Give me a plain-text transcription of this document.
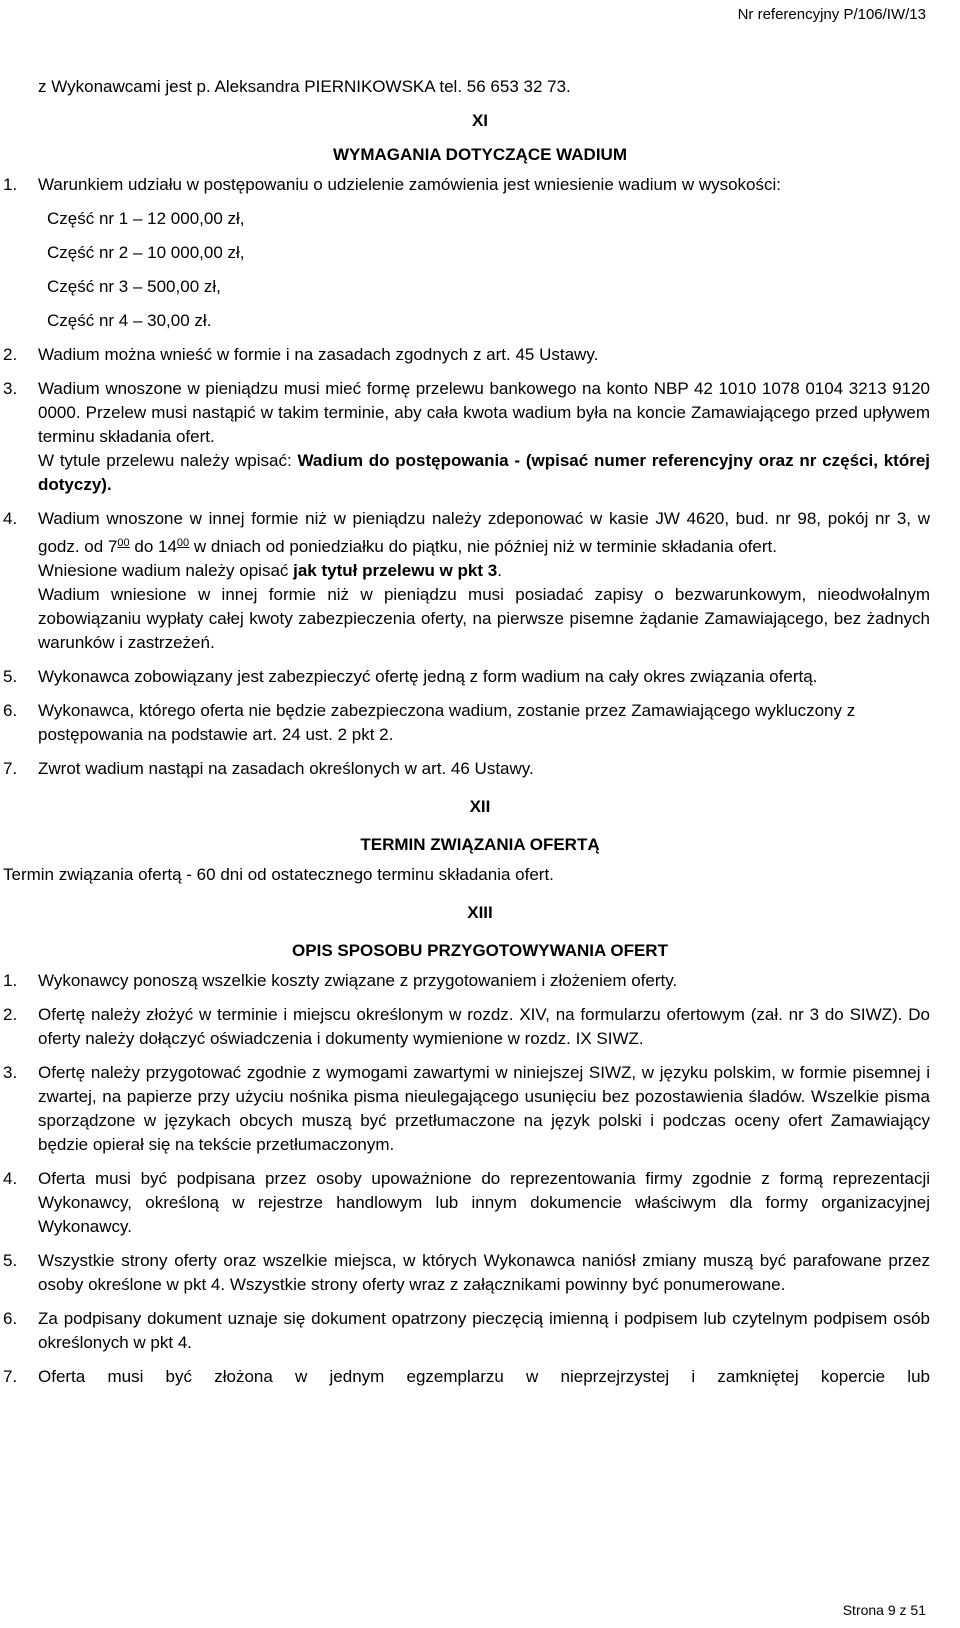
Nr referencyjny P/106/IW/13

z Wykonawcami jest p. Aleksandra PIERNIKOWSKA tel. 56 653 32 73.

XI

WYMAGANIA DOTYCZĄCE WADIUM

1. Warunkiem udziału w postępowaniu o udzielenie zamówienia jest wniesienie wadium w wysokości:

Część nr 1 – 12 000,00 zł,

Część nr 2 – 10 000,00 zł,

Część nr 3 – 500,00 zł,

Część nr 4 – 30,00 zł.

2. Wadium można wnieść w formie i na zasadach zgodnych z art. 45 Ustawy.

3. Wadium wnoszone w pieniądzu musi mieć formę przelewu bankowego na konto NBP 42 1010 1078 0104 3213 9120 0000. Przelew musi nastąpić w takim terminie, aby cała kwota wadium była na koncie Zamawiającego przed upływem terminu składania ofert.

W tytule przelewu należy wpisać: Wadium do postępowania - (wpisać numer referencyjny oraz nr części, której dotyczy).

4. Wadium wnoszone w innej formie niż w pieniądzu należy zdeponować w kasie JW 4620, bud. nr 98, pokój nr 3, w godz. od $7^{00}$ do $14^{00}$ w dniach od poniedziałku do piątku, nie później niż w terminie składania ofert.

Wniesione wadium należy opisać jak tytuł przelewu w pkt 3.

Wadium wniesione w innej formie niż w pieniądzu musi posiadać zapisy o bezwarunkowym, nieodwołalnym zobowiązaniu wypłaty całej kwoty zabezpieczenia oferty, na pierwsze pisemne żądanie Zamawiającego, bez żadnych warunków i zastrzeżeń.

5. Wykonawca zobowiązany jest zabezpieczyć ofertę jedną z form wadium na cały okres związania ofertą.

6. Wykonawca, którego oferta nie będzie zabezpieczona wadium, zostanie przez Zamawiającego wykluczony z postępowania na podstawie art. 24 ust. 2 pkt 2.

7. Zwrot wadium nastąpi na zasadach określonych w art. 46 Ustawy.

XII

TERMIN ZWIĄZANIA OFERTĄ

Termin związania ofertą - 60 dni od ostatecznego terminu składania ofert.

XIII

OPIS SPOSOBU PRZYGOTOWYWANIA OFERT

1. Wykonawcy ponoszą wszelkie koszty związane z przygotowaniem i złożeniem oferty.

2. Ofertę należy złożyć w terminie i miejscu określonym w rozdz. XIV, na formularzu ofertowym (zał. nr 3 do SIWZ). Do oferty należy dołączyć oświadczenia i dokumenty wymienione w rozdz. IX SIWZ.

3. Ofertę należy przygotować zgodnie z wymogami zawartymi w niniejszej SIWZ, w języku polskim, w formie pisemnej i zwartej, na papierze przy użyciu nośnika pisma nieulegającego usunięciu bez pozostawienia śladów. Wszelkie pisma sporządzone w językach obcych muszą być przetłumaczone na język polski i podczas oceny ofert Zamawiający będzie opierał się na tekście przetłumaczonym.

4. Oferta musi być podpisana przez osoby upoważnione do reprezentowania firmy zgodnie z formą reprezentacji Wykonawcy, określoną w rejestrze handlowym lub innym dokumencie właściwym dla formy organizacyjnej Wykonawcy.

5. Wszystkie strony oferty oraz wszelkie miejsca, w których Wykonawca naniósł zmiany muszą być parafowane przez osoby określone w pkt 4. Wszystkie strony oferty wraz z załącznikami powinny być ponumerowane.

6. Za podpisany dokument uznaje się dokument opatrzony pieczęcią imienną i podpisem lub czytelnym podpisem osób określonych w pkt 4.

7. Oferta musi być złożona w jednym egzemplarzu w nieprzejrzystej i zamkniętej kopercie lub

Strona 9 z 51
